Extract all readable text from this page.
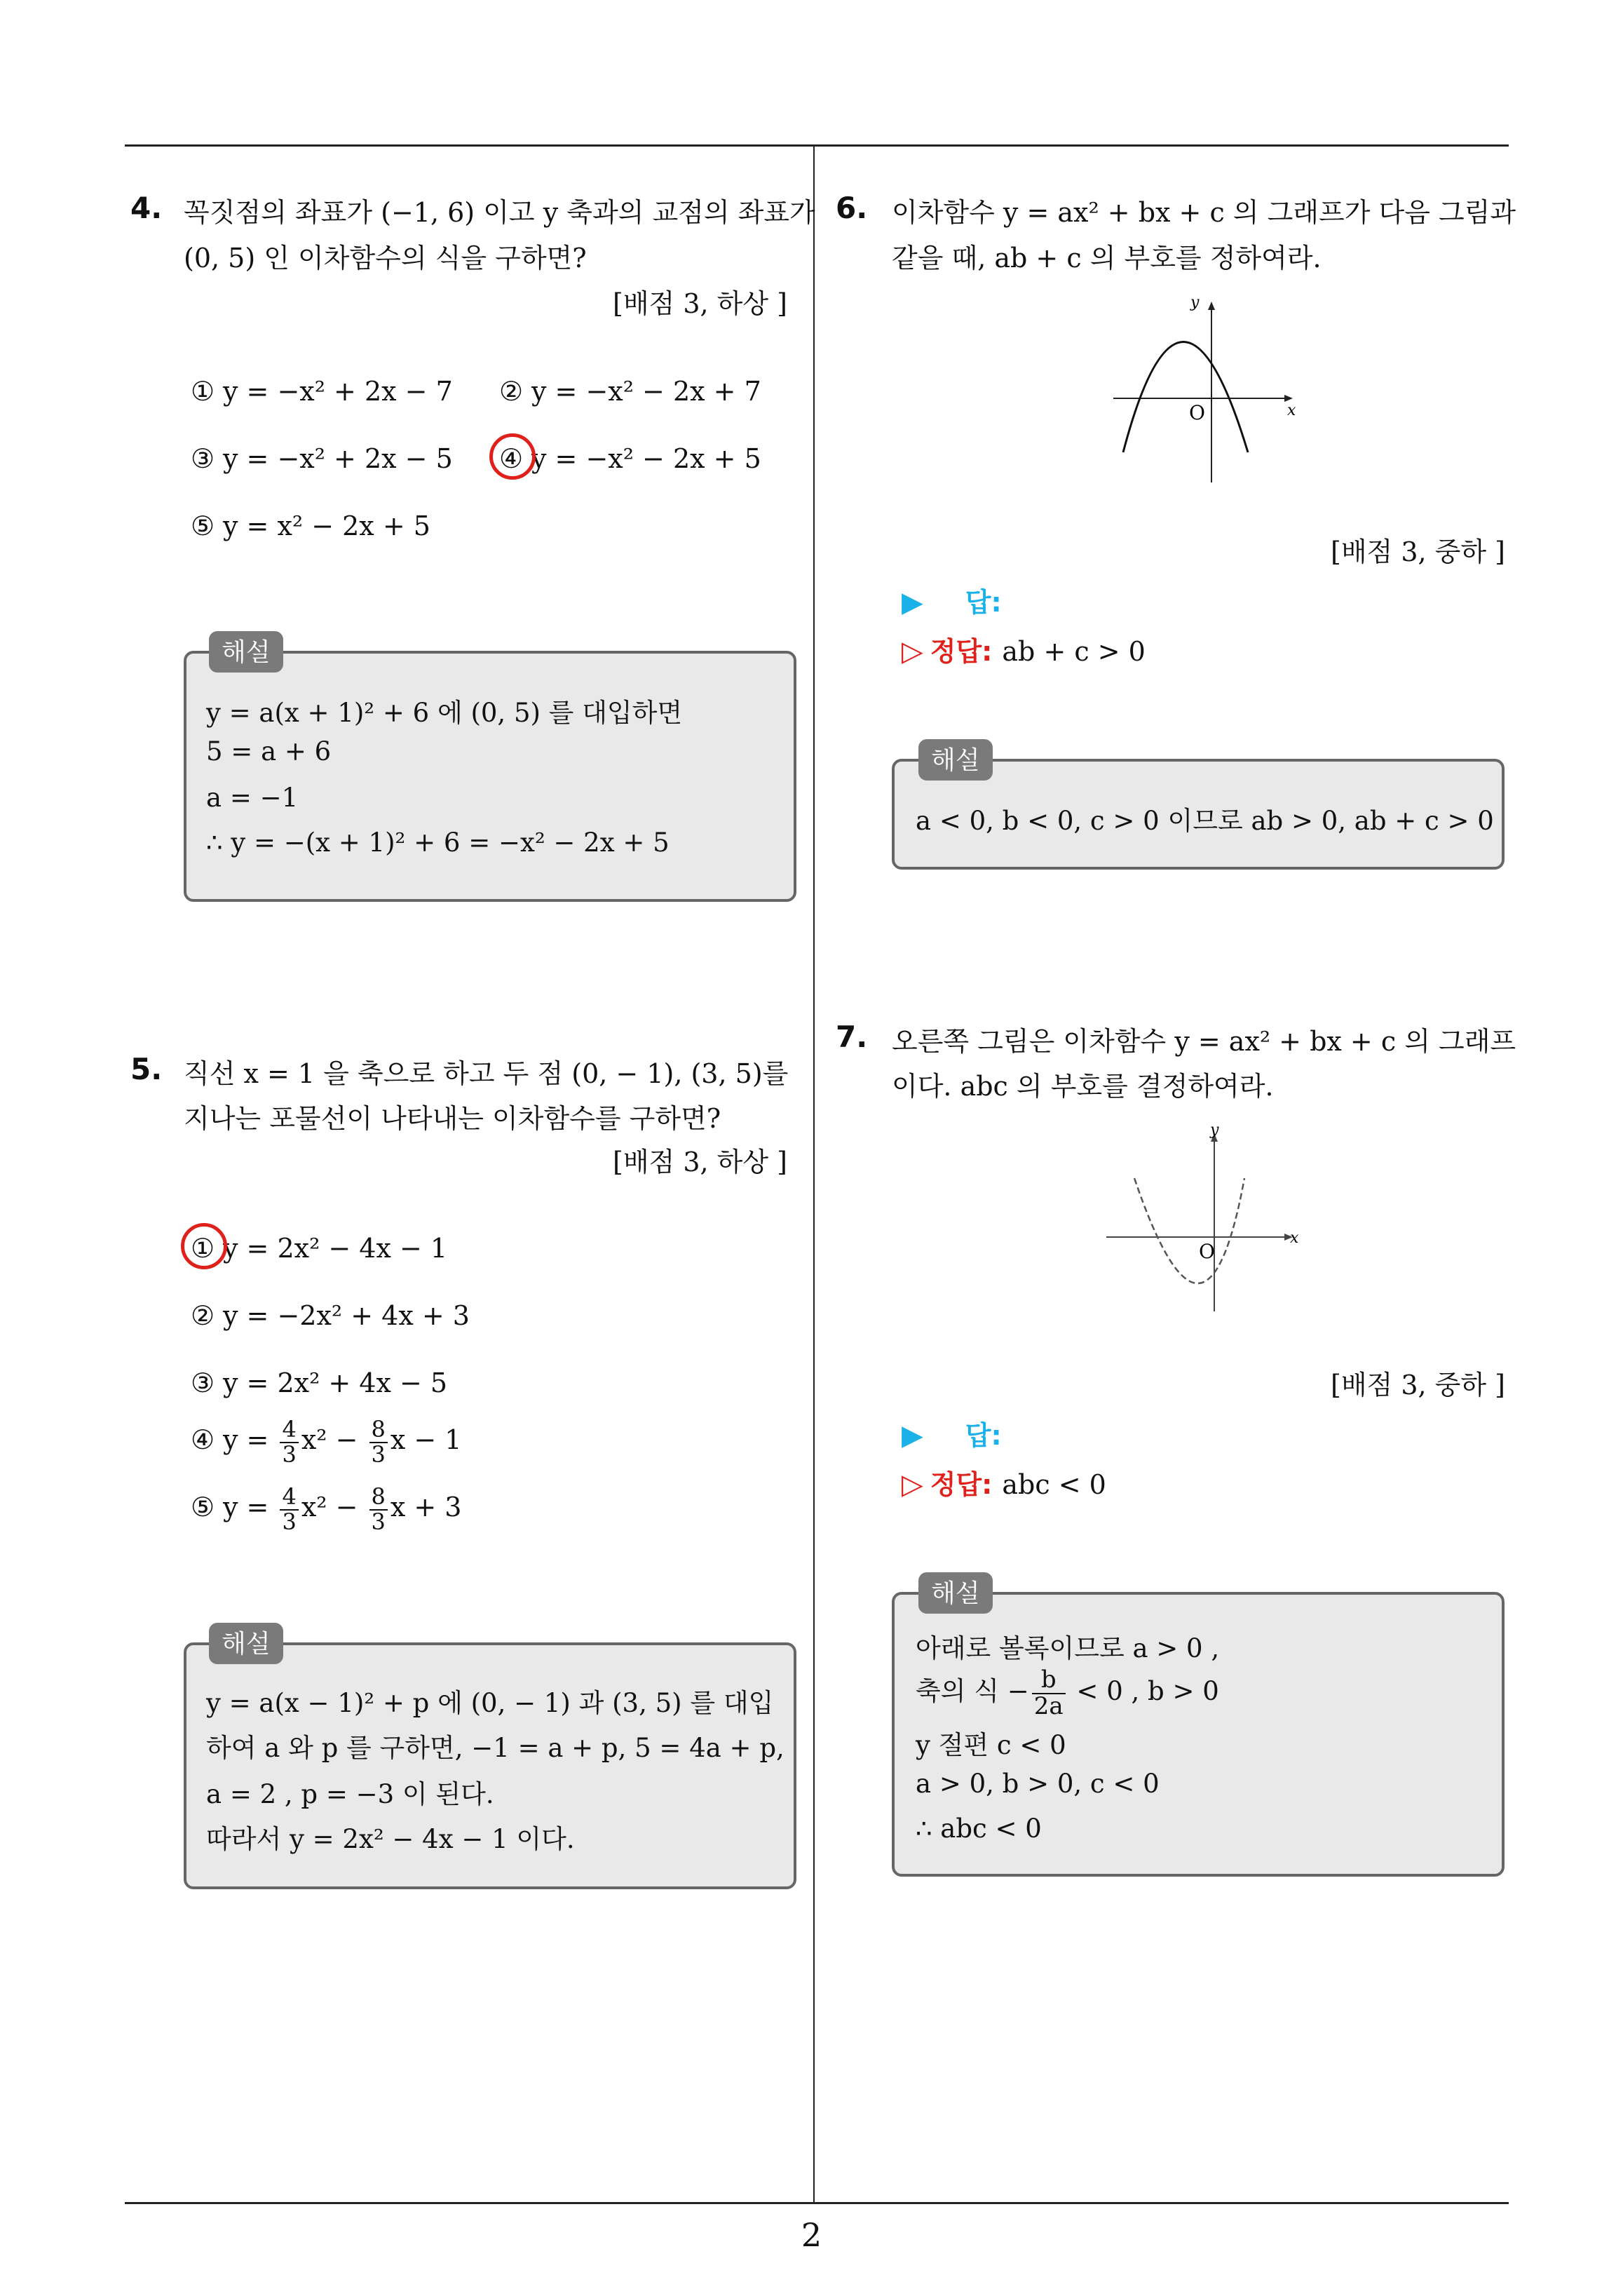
4. 꼭짓점의 좌표가 (−1, 6) 이고 y 축과의 교점의 좌표가
(0, 5) 인 이차함수의 식을 구하면?
[배점 3, 하상 ]
① y = −x² + 2x − 7 ② y = −x² − 2x + 7
③ y = −x² + 2x − 5 ④ y = −x² − 2x + 5
⑤ y = x² − 2x + 5
해설
y = a(x + 1)² + 6 에 (0, 5) 를 대입하면
5 = a + 6
a = −1
∴ y = −(x + 1)² + 6 = −x² − 2x + 5
5. 직선 x = 1 을 축으로 하고 두 점 (0, − 1), (3, 5)를
지나는 포물선이 나타내는 이차함수를 구하면?
[배점 3, 하상 ]
① y = 2x² − 4x − 1
② y = −2x² + 4x + 3
③ y = 2x² + 4x − 5
④ $y = \frac{4}{3} x^2 - \frac{8}{3}$ x − 1
⑤ $y = \frac{4}{3} x^2 - \frac{8}{3}$ x + 3
해설
y = a(x − 1)² + p 에 (0, − 1) 과 (3, 5) 를 대입
하여 a 와 p 를 구하면, −1 = a + p, 5 = 4a + p,
a = 2 , p = −3 이 된다.
따라서 y = 2x² − 4x − 1 이다.
6. 이차함수 y = ax² + bx + c 의 그래프가 다음 그림과
같을 때, ab + c 의 부호를 정하여라.
x
y
O
[배점 3, 중하 ]
▶ 답:
▷ 정답: ab + c > 0
해설
a < 0, b < 0, c > 0 이므로 ab > 0, ab + c > 0
7. 오른쪽 그림은 이차함수 y = ax² + bx + c 의 그래프
이다. abc 의 부호를 결정하여라.
x
y
O
[배점 3, 중하 ]
▶ 답:
▷ 정답: abc < 0
해설
아래로 볼록이므로 a > 0 ,
축의 식 − $\frac{b}{2a} < 0$ , b > 0
y 절편 c < 0
a > 0, b > 0, c < 0
∴ abc < 0
2
